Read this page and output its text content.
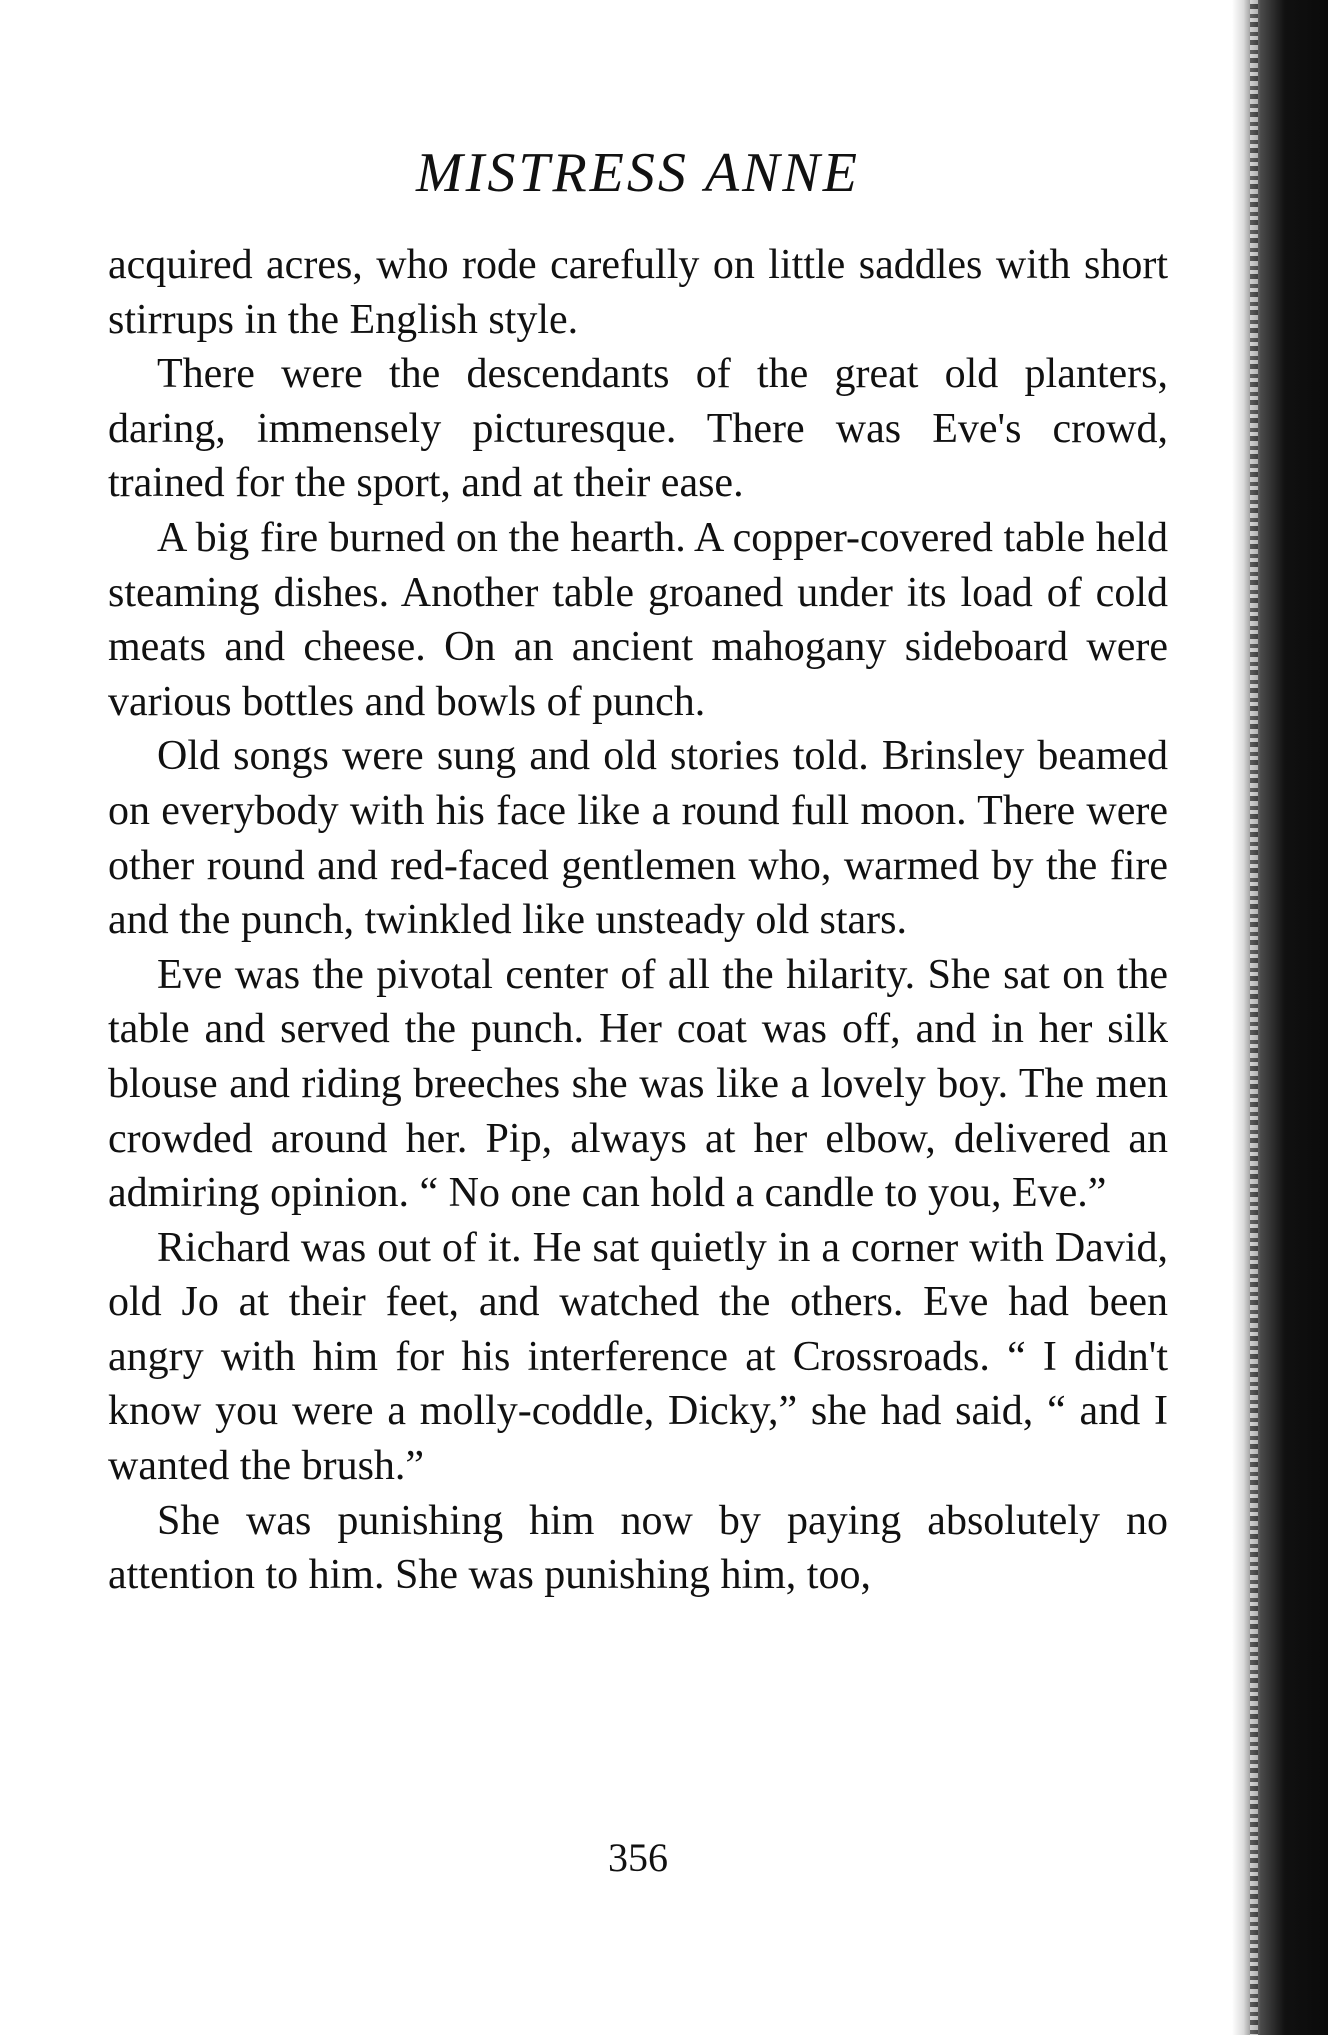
MISTRESS ANNE

acquired acres, who rode carefully on little saddles with short stirrups in the English style.

There were the descendants of the great old planters, daring, immensely picturesque. There was Eve's crowd, trained for the sport, and at their ease.

A big fire burned on the hearth. A copper-covered table held steaming dishes. Another table groaned under its load of cold meats and cheese. On an ancient mahogany sideboard were various bottles and bowls of punch.

Old songs were sung and old stories told. Brinsley beamed on everybody with his face like a round full moon. There were other round and red-faced gentlemen who, warmed by the fire and the punch, twinkled like unsteady old stars.

Eve was the pivotal center of all the hilarity. She sat on the table and served the punch. Her coat was off, and in her silk blouse and riding breeches she was like a lovely boy. The men crowded around her. Pip, always at her elbow, delivered an admiring opinion. “ No one can hold a candle to you, Eve.”

Richard was out of it. He sat quietly in a corner with David, old Jo at their feet, and watched the others. Eve had been angry with him for his interference at Crossroads. “ I didn't know you were a molly-coddle, Dicky,” she had said, “ and I wanted the brush.”

She was punishing him now by paying absolutely no attention to him. She was punishing him, too,

356
